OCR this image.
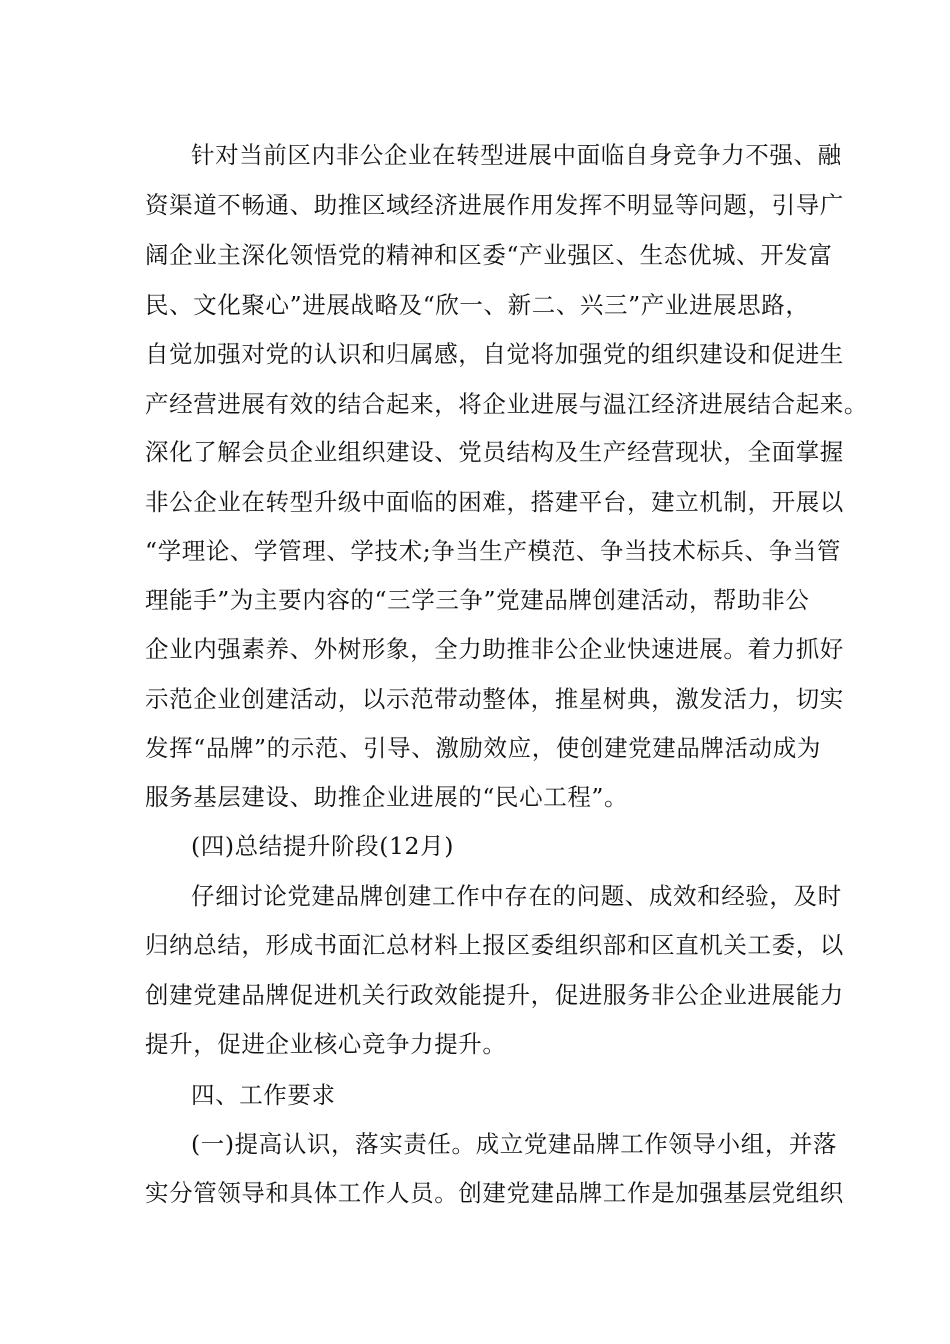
针对当前区内非公企业在转型进展中面临自身竞争力不强、融
资渠道不畅通、助推区域经济进展作用发挥不明显等问题，引导广
阔企业主深化领悟党的精神和区委“产业强区、生态优城、开发富
民、文化聚心”进展战略及“欣一、新二、兴三”产业进展思路，
自觉加强对党的认识和归属感，自觉将加强党的组织建设和促进生
产经营进展有效的结合起来，将企业进展与温江经济进展结合起来。
深化了解会员企业组织建设、党员结构及生产经营现状，全面掌握
非公企业在转型升级中面临的困难，搭建平台，建立机制，开展以
“学理论、学管理、学技术;争当生产模范、争当技术标兵、争当管
理能手”为主要内容的“三学三争”党建品牌创建活动，帮助非公
企业内强素养、外树形象，全力助推非公企业快速进展。着力抓好
示范企业创建活动，以示范带动整体，推星树典，激发活力，切实
发挥“品牌”的示范、引导、激励效应，使创建党建品牌活动成为
服务基层建设、助推企业进展的“民心工程”。
(四)总结提升阶段(12月)
仔细讨论党建品牌创建工作中存在的问题、成效和经验，及时
归纳总结，形成书面汇总材料上报区委组织部和区直机关工委，以
创建党建品牌促进机关行政效能提升，促进服务非公企业进展能力
提升，促进企业核心竞争力提升。
四、工作要求
(一)提高认识，落实责任。成立党建品牌工作领导小组，并落
实分管领导和具体工作人员。创建党建品牌工作是加强基层党组织
